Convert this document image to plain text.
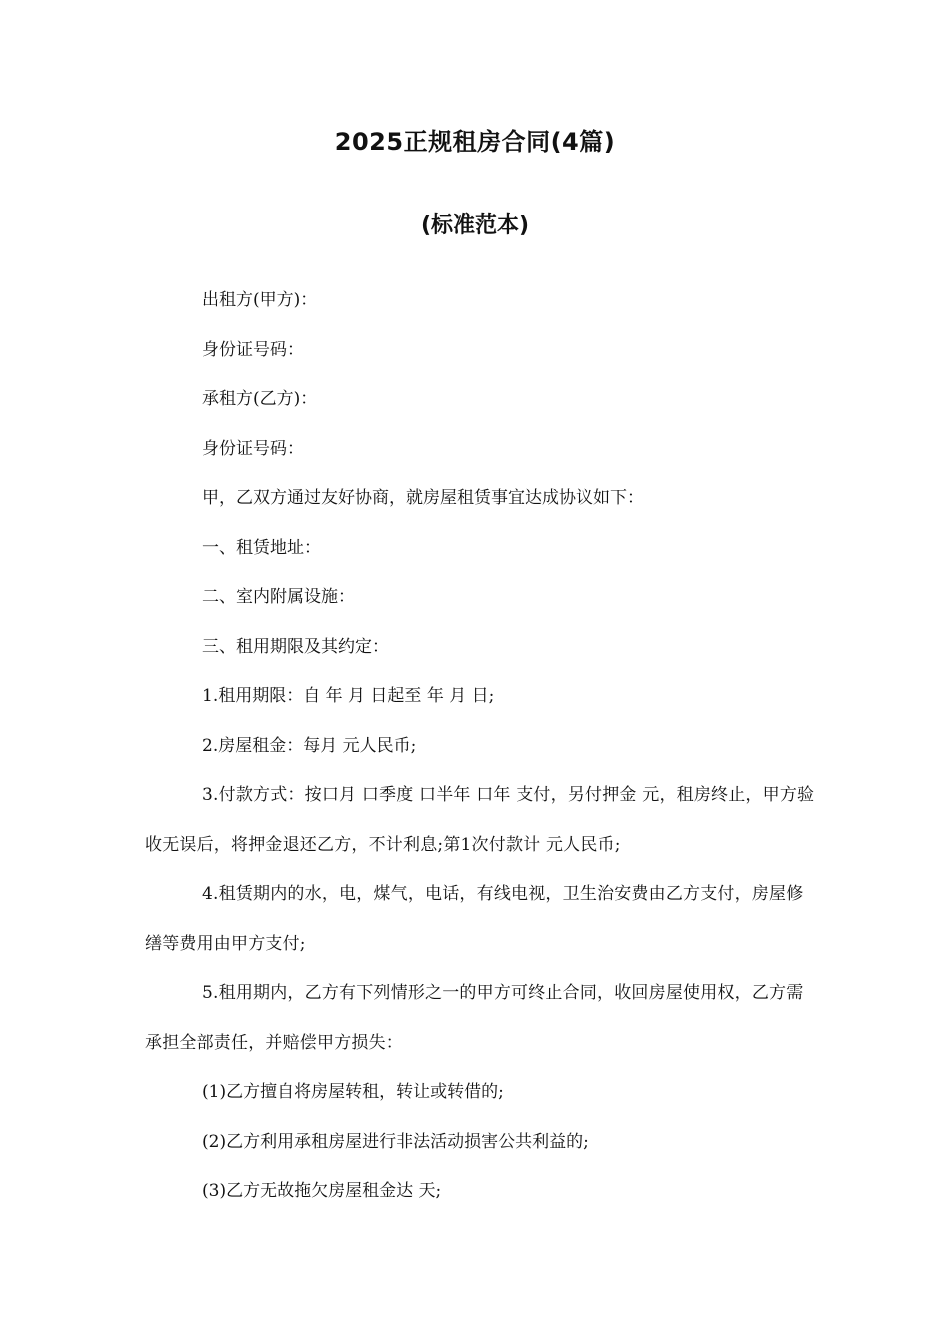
2025正规租房合同(4篇)
(标准范本)

出租方(甲方)：

身份证号码：

承租方(乙方)：

身份证号码：

甲，乙双方通过友好协商，就房屋租赁事宜达成协议如下：

一、租赁地址：

二、室内附属设施：

三、租用期限及其约定：

1.租用期限：自 年 月 日起至 年 月 日;

2.房屋租金：每月 元人民币;

3.付款方式：按口月 口季度 口半年 口年 支付，另付押金 元，租房终止，甲方验收无误后，将押金退还乙方，不计利息;第1次付款计 元人民币;

4.租赁期内的水，电，煤气，电话，有线电视，卫生治安费由乙方支付，房屋修缮等费用由甲方支付;

5.租用期内，乙方有下列情形之一的甲方可终止合同，收回房屋使用权，乙方需承担全部责任，并赔偿甲方损失：

(1)乙方擅自将房屋转租，转让或转借的;

(2)乙方利用承租房屋进行非法活动损害公共利益的;

(3)乙方无故拖欠房屋租金达 天;
